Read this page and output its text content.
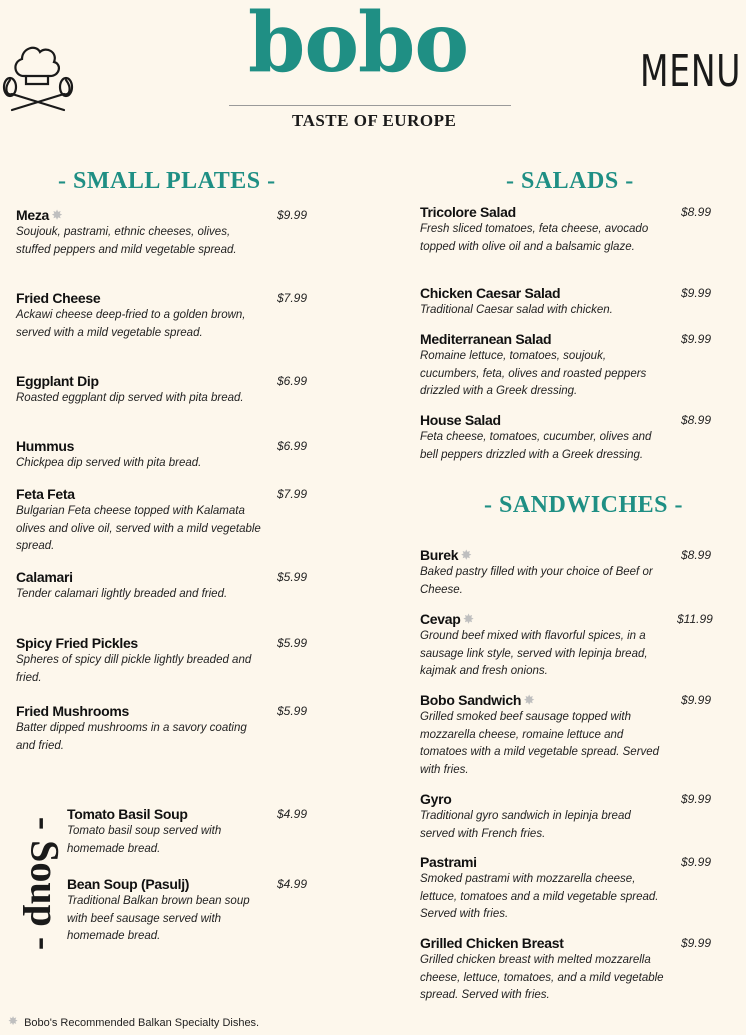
bobo
TASTE OF EUROPE
MENU
- SMALL PLATES -	- SALADS -
- SANDWICHES -
- Soup -
Meza ✸
Soujouk, pastrami, ethnic cheeses, olives, stuffed peppers and mild vegetable spread.
$9.99
Fried Cheese
Ackawi cheese deep-fried to a golden brown, served with a mild vegetable spread.
$7.99
Eggplant Dip
Roasted eggplant dip served with pita bread.
$6.99
Hummus
Chickpea dip served with pita bread.
$6.99
Feta Feta
Bulgarian Feta cheese topped with Kalamata olives and olive oil, served with a mild vegetable spread.
$7.99
Calamari
Tender calamari lightly breaded and fried.
$5.99
Spicy Fried Pickles
Spheres of spicy dill pickle lightly breaded and fried.
$5.99
Fried Mushrooms
Batter dipped mushrooms in a savory coating and fried.
$5.99
Tomato Basil Soup
Tomato basil soup served with homemade bread.
$4.99
Bean Soup (Pasulj)
Traditional Balkan brown bean soup with beef sausage served with homemade bread.
$4.99
Tricolore Salad
Fresh sliced tomatoes, feta cheese, avocado topped with olive oil and a balsamic glaze.
$8.99
Chicken Caesar Salad
Traditional Caesar salad with chicken.
$9.99
Mediterranean Salad
Romaine lettuce, tomatoes, soujouk, cucumbers, feta, olives and roasted peppers drizzled with a Greek dressing.
$9.99
House Salad
Feta cheese, tomatoes, cucumber, olives and bell peppers drizzled with a Greek dressing.
$8.99
Burek ✸
Baked pastry filled with your choice of Beef or Cheese.
$8.99
Cevap ✸
Ground beef mixed with flavorful spices, in a sausage link style, served with lepinja bread, kajmak and fresh onions.
$11.99
Bobo Sandwich ✸
Grilled smoked beef sausage topped with mozzarella cheese, romaine lettuce and tomatoes with a mild vegetable spread. Served with fries.
$9.99
Gyro
Traditional gyro sandwich in lepinja bread served with French fries.
$9.99
Pastrami
Smoked pastrami with mozzarella cheese, lettuce, tomatoes and a mild vegetable spread. Served with fries.
$9.99
Grilled Chicken Breast
Grilled chicken breast with melted mozzarella cheese, lettuce, tomatoes, and a mild vegetable spread. Served with fries.
$9.99
✸ Bobo's Recommended Balkan Specialty Dishes.
